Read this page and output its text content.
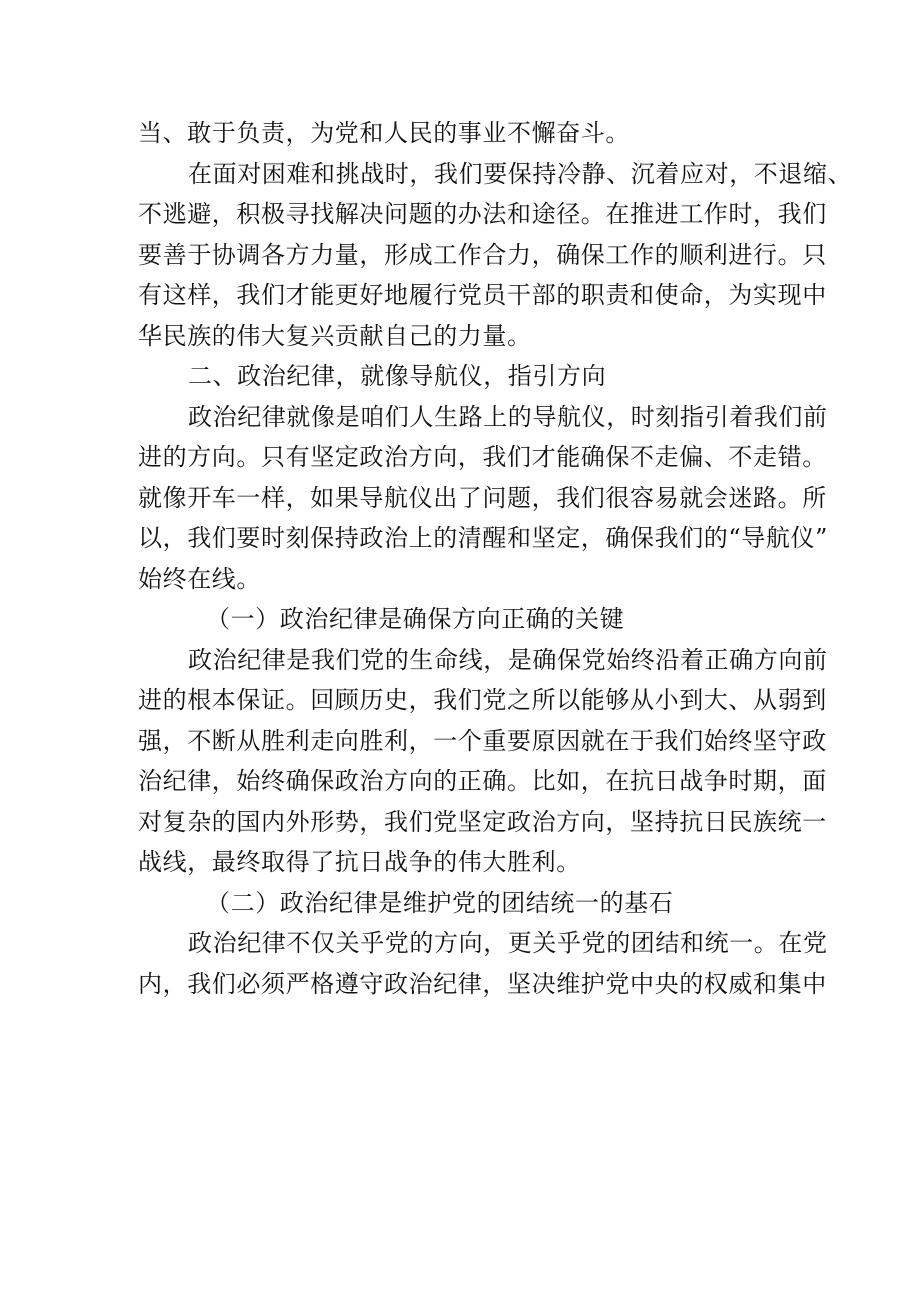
当、敢于负责，为党和人民的事业不懈奋斗。
在面对困难和挑战时，我们要保持冷静、沉着应对，不退缩、
不逃避，积极寻找解决问题的办法和途径。在推进工作时，我们
要善于协调各方力量，形成工作合力，确保工作的顺利进行。只
有这样，我们才能更好地履行党员干部的职责和使命，为实现中
华民族的伟大复兴贡献自己的力量。
二、政治纪律，就像导航仪，指引方向
政治纪律就像是咱们人生路上的导航仪，时刻指引着我们前
进的方向。只有坚定政治方向，我们才能确保不走偏、不走错。
就像开车一样，如果导航仪出了问题，我们很容易就会迷路。所
以，我们要时刻保持政治上的清醒和坚定，确保我们的“导航仪”
始终在线。
（一）政治纪律是确保方向正确的关键
政治纪律是我们党的生命线，是确保党始终沿着正确方向前
进的根本保证。回顾历史，我们党之所以能够从小到大、从弱到
强，不断从胜利走向胜利，一个重要原因就在于我们始终坚守政
治纪律，始终确保政治方向的正确。比如，在抗日战争时期，面
对复杂的国内外形势，我们党坚定政治方向，坚持抗日民族统一
战线，最终取得了抗日战争的伟大胜利。
（二）政治纪律是维护党的团结统一的基石
政治纪律不仅关乎党的方向，更关乎党的团结和统一。在党
内，我们必须严格遵守政治纪律，坚决维护党中央的权威和集中
